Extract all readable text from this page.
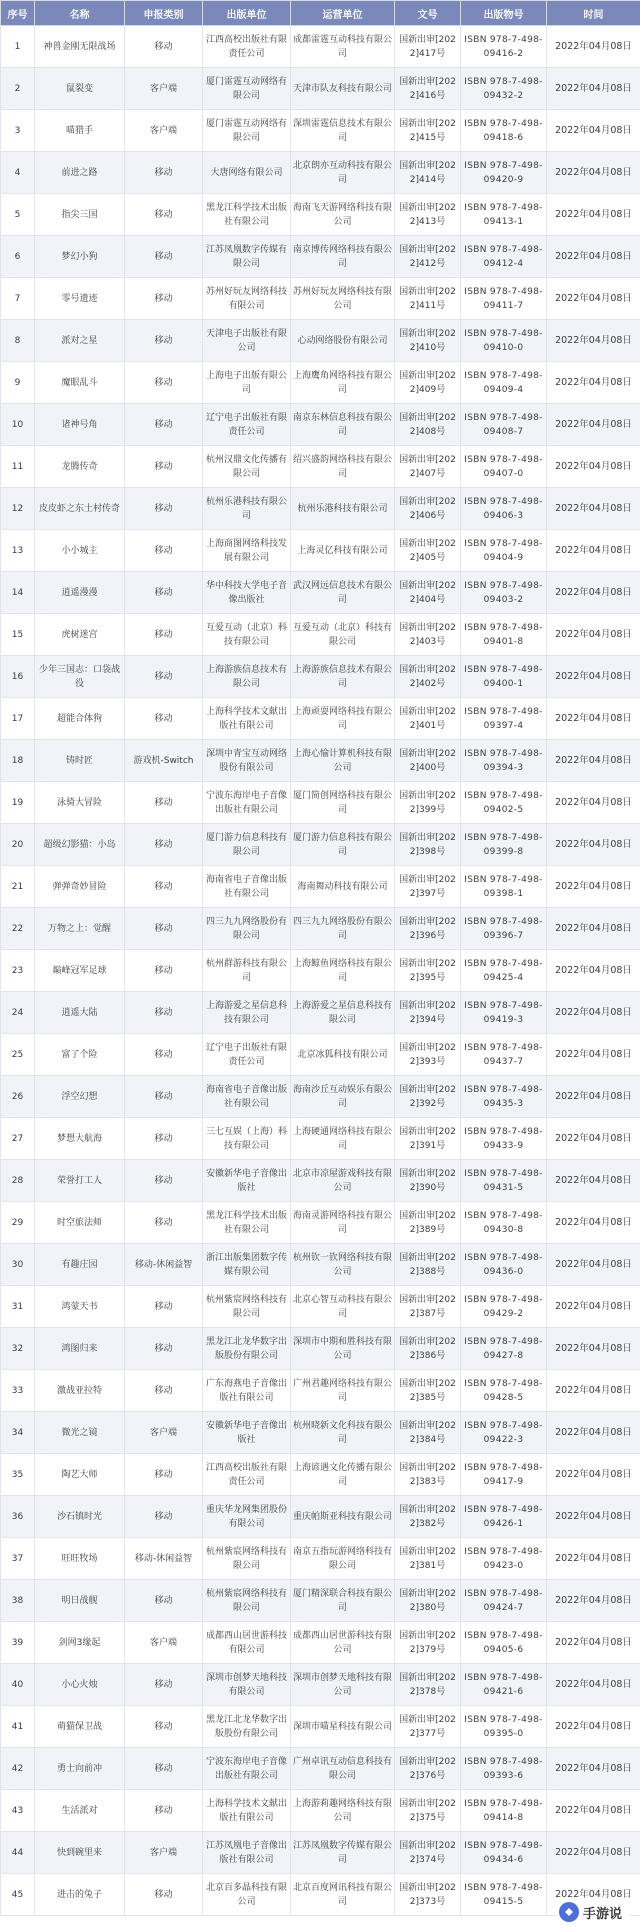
序号	名称	申报类别	出版单位	运营单位	文号	出版物号	时间
1	神兽金刚无限战场	移动	江西高校出版社有限责任公司	成都雷霆互动科技有限公司	国新出审[2022]417号	ISBN 978-7-498-09416-2	2022年04月08日
2	鼠裂变	客户端	厦门雷霆互动网络有限公司	天津市队友科技有限公司	国新出审[2022]416号	ISBN 978-7-498-09432-2	2022年04月08日
3	喵猎手	客户端	厦门雷霆互动网络有限公司	深圳雷霆信息技术有限公司	国新出审[2022]415号	ISBN 978-7-498-09418-6	2022年04月08日
4	前进之路	移动	大唐网络有限公司	北京朗亦互动科技有限公司	国新出审[2022]414号	ISBN 978-7-498-09420-9	2022年04月08日
5	指尖三国	移动	黑龙江科学技术出版社有限公司	海南飞天游网络科技有限公司	国新出审[2022]413号	ISBN 978-7-498-09413-1	2022年04月08日
6	梦幻小狗	移动	江苏凤凰数字传媒有限公司	南京博传网络科技有限公司	国新出审[2022]412号	ISBN 978-7-498-09412-4	2022年04月08日
7	零号遗迹	移动	苏州好玩友网络科技有限公司	苏州好玩友网络科技有限公司	国新出审[2022]411号	ISBN 978-7-498-09411-7	2022年04月08日
8	派对之星	移动	天津电子出版社有限公司	心动网络股份有限公司	国新出审[2022]410号	ISBN 978-7-498-09410-0	2022年04月08日
9	魔眼乱斗	移动	上海电子出版有限公司	上海鹰角网络科技有限公司	国新出审[2022]409号	ISBN 978-7-498-09409-4	2022年04月08日
10	诸神号角	移动	辽宁电子出版社有限责任公司	南京东林信息科技有限公司	国新出审[2022]408号	ISBN 978-7-498-09408-7	2022年04月08日
11	龙腾传奇	移动	杭州汉鼎文化传播有限公司	绍兴盛韵网络科技有限公司	国新出审[2022]407号	ISBN 978-7-498-09407-0	2022年04月08日
12	皮皮虾之东土村传奇	移动	杭州乐港科技有限公司	杭州乐港科技有限公司	国新出审[2022]406号	ISBN 978-7-498-09406-3	2022年04月08日
13	小小城主	移动	上海商图网络科技发展有限公司	上海灵亿科技有限公司	国新出审[2022]405号	ISBN 978-7-498-09404-9	2022年04月08日
14	逍遥漫漫	移动	华中科技大学电子音像出版社	武汉网远信息技术有限公司	国新出审[2022]404号	ISBN 978-7-498-09403-2	2022年04月08日
15	虎树迷宫	移动	互爱互动（北京）科技有限公司	互爱互动（北京）科技有限公司	国新出审[2022]403号	ISBN 978-7-498-09401-8	2022年04月08日
16	少年三国志：口袋战役	移动	上海游族信息技术有限公司	上海游族信息技术有限公司	国新出审[2022]402号	ISBN 978-7-498-09400-1	2022年04月08日
17	超能合体狗	移动	上海科学技术文献出版社有限公司	上海顽耍网络科技有限公司	国新出审[2022]401号	ISBN 978-7-498-09397-4	2022年04月08日
18	铸时匠	游戏机-Switch	深圳中青宝互动网络股份有限公司	上海心愉计算机科技有限公司	国新出审[2022]400号	ISBN 978-7-498-09394-3	2022年04月08日
19	泳骑大冒险	移动	宁波东海岸电子音像出版社有限公司	厦门简创网络科技有限公司	国新出审[2022]399号	ISBN 978-7-498-09402-5	2022年04月08日
20	超级幻影猫：小岛	移动	厦门游力信息科技有限公司	厦门游力信息科技有限公司	国新出审[2022]398号	ISBN 978-7-498-09399-8	2022年04月08日
21	弹弹奇妙冒险	移动	海南省电子音像出版社有限公司	海南舞动科技有限公司	国新出审[2022]397号	ISBN 978-7-498-09398-1	2022年04月08日
22	万物之上：觉醒	移动	四三九九网络股份有限公司	四三九九网络股份有限公司	国新出审[2022]396号	ISBN 978-7-498-09396-7	2022年04月08日
23	巅峰冠军足球	移动	杭州群游科技有限公司	上海鲸鱼网络科技有限公司	国新出审[2022]395号	ISBN 978-7-498-09425-4	2022年04月08日
24	逍遥大陆	移动	上海游爱之星信息科技有限公司	上海游爱之星信息科技有限公司	国新出审[2022]394号	ISBN 978-7-498-09419-3	2022年04月08日
25	富了个险	移动	辽宁电子出版社有限责任公司	北京冰狐科技有限公司	国新出审[2022]393号	ISBN 978-7-498-09437-7	2022年04月08日
26	浮空幻想	移动	海南省电子音像出版社有限公司	海南沙丘互动娱乐有限公司	国新出审[2022]392号	ISBN 978-7-498-09435-3	2022年04月08日
27	梦想大航海	移动	三七互娱（上海）科技有限公司	上海硬通网络科技有限公司	国新出审[2022]391号	ISBN 978-7-498-09433-9	2022年04月08日
28	荣誉打工人	移动	安徽新华电子音像出版社	北京市凉屋游戏科技有限公司	国新出审[2022]390号	ISBN 978-7-498-09431-5	2022年04月08日
29	时空旅法师	移动	黑龙江科学技术出版社有限公司	海南灵游网络科技有限公司	国新出审[2022]389号	ISBN 978-7-498-09430-8	2022年04月08日
30	有趣庄园	移动-休闲益智	浙江出版集团数字传媒有限公司	杭州钦一钦网络科技有限公司	国新出审[2022]388号	ISBN 978-7-498-09436-0	2022年04月08日
31	鸿蒙天书	移动	杭州紫宸网络科技有限公司	北京心智互动科技有限公司	国新出审[2022]387号	ISBN 978-7-498-09429-2	2022年04月08日
32	鸿图归来	移动	黑龙江北龙华数字出版股份有限公司	深圳市中期和胜科技有限公司	国新出审[2022]386号	ISBN 978-7-498-09427-8	2022年04月08日
33	激战亚拉特	移动	广东海燕电子音像出版社有限公司	广州君趣网络科技有限公司	国新出审[2022]385号	ISBN 978-7-498-09428-5	2022年04月08日
34	微光之镜	客户端	安徽新华电子音像出版社	杭州晓新文化科技有限公司	国新出审[2022]384号	ISBN 978-7-498-09422-3	2022年04月08日
35	陶艺大师	移动	江西高校出版社有限责任公司	上海谚遇文化传播有限公司	国新出审[2022]383号	ISBN 978-7-498-09417-9	2022年04月08日
36	沙石镇时光	移动	重庆华龙网集团股份有限公司	重庆帕斯亚科技有限公司	国新出审[2022]382号	ISBN 978-7-498-09426-1	2022年04月08日
37	旺旺牧场	移动-休闲益智	杭州紫宸网络科技有限公司	南京五指玩游网络科技有限公司	国新出审[2022]381号	ISBN 978-7-498-09423-0	2022年04月08日
38	明日战舰	移动	杭州紫宸网络科技有限公司	厦门精深联合科技有限公司	国新出审[2022]380号	ISBN 978-7-498-09424-7	2022年04月08日
39	剑网3缘起	客户端	成都西山居世游科技有限公司	成都西山居世游科技有限公司	国新出审[2022]379号	ISBN 978-7-498-09405-6	2022年04月08日
40	小心火烛	移动	深圳市创梦天地科技有限公司	深圳市创梦天地科技有限公司	国新出审[2022]378号	ISBN 978-7-498-09421-6	2022年04月08日
41	萌猫保卫战	移动	黑龙江北龙华数字出版股份有限公司	深圳市喵星科技有限公司	国新出审[2022]377号	ISBN 978-7-498-09395-0	2022年04月08日
42	勇士向前冲	移动	宁波东海岸电子音像出版社有限公司	广州卓讯互动信息科技有限公司	国新出审[2022]376号	ISBN 978-7-498-09393-6	2022年04月08日
43	生活派对	移动	上海科学技术文献出版社有限公司	上海游莉趣网络科技有限公司	国新出审[2022]375号	ISBN 978-7-498-09414-8	2022年04月08日
44	快到碗里来	客户端	江苏凤凰电子音像出版社有限公司	江苏凤凰数字传媒有限公司	国新出审[2022]374号	ISBN 978-7-498-09434-6	2022年04月08日
45	进击的兔子	移动	北京百多晶科技有限公司	北京百度网讯科技有限公司	国新出审[2022]373号	ISBN 978-7-498-09415-5	2022年04月08日
手游说
